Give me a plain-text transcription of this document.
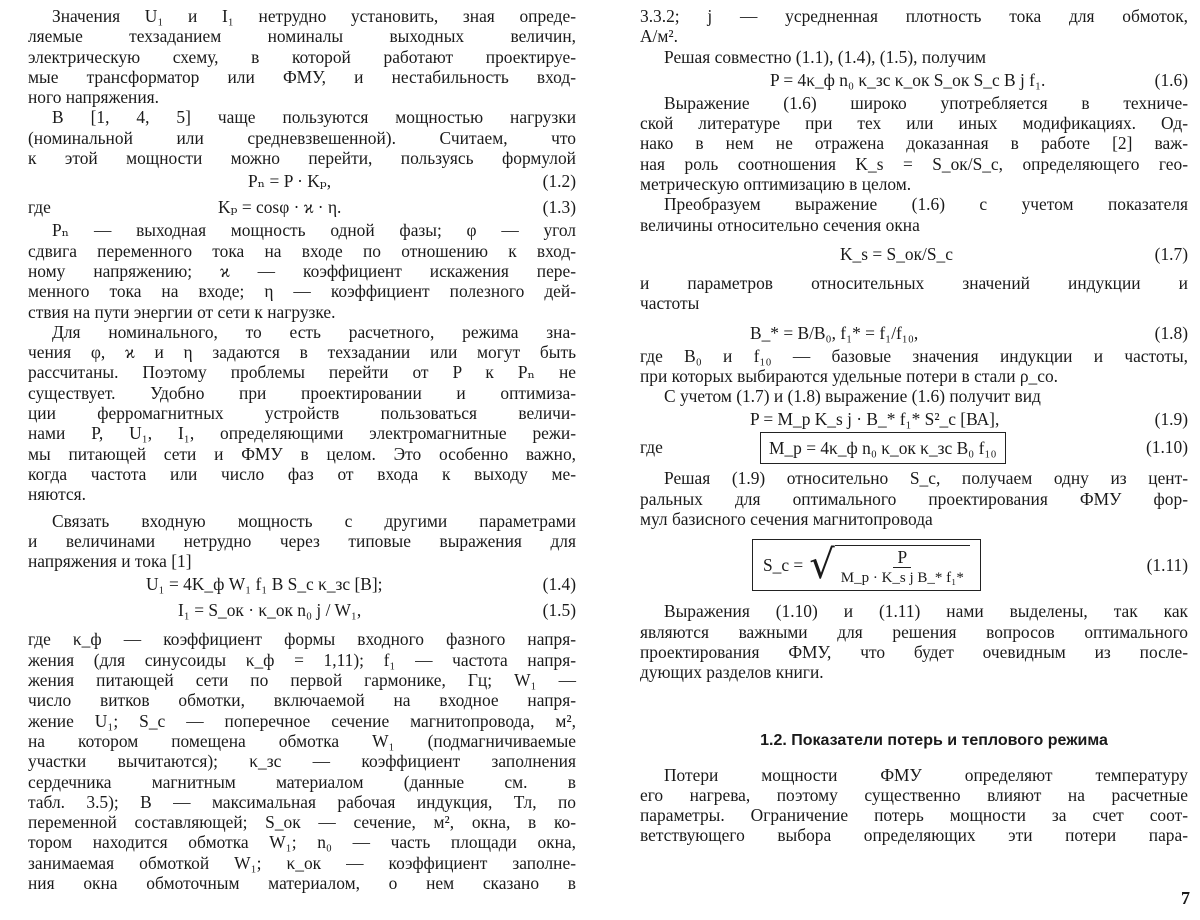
Значения U₁ и I₁ нетрудно установить, зная опреде-
ляемые техзаданием номиналы выходных величин,
электрическую схему, в которой работают проектируе-
мые трансформатор или ФМУ, и нестабильность вход-
ного напряжения.
В [1, 4, 5] чаще пользуются мощностью нагрузки
(номинальной или средневзвешенной). Считаем, что
к этой мощности можно перейти, пользуясь формулой
Pₙ = P · Kₚ,	(1.2)
где	Kₚ = cosφ · ϰ · η.	(1.3)
Pₙ — выходная мощность одной фазы; φ — угол
сдвига переменного тока на входе по отношению к вход-
ному напряжению; ϰ — коэффициент искажения пере-
менного тока на входе; η — коэффициент полезного дей-
ствия на пути энергии от сети к нагрузке.
Для номинального, то есть расчетного, режима зна-
чения φ, ϰ и η задаются в техзадании или могут быть
рассчитаны. Поэтому проблемы перейти от P к Pₙ не
существует. Удобно при проектировании и оптимиза-
ции ферромагнитных устройств пользоваться величи-
нами P, U₁, I₁, определяющими электромагнитные режи-
мы питающей сети и ФМУ в целом. Это особенно важно,
когда частота или число фаз от входа к выходу ме-
няются.
Связать входную мощность с другими параметрами
и величинами нетрудно через типовые выражения для
напряжения и тока [1]
U₁ = 4K_ф W₁ f₁ B S_c κ_зс [В];	(1.4)
I₁ = S_ок · κ_ок n₀ j / W₁,	(1.5)
где κ_ф — коэффициент формы входного фазного напря-
жения (для синусоиды κ_ф = 1,11); f₁ — частота напря-
жения питающей сети по первой гармонике, Гц; W₁ —
число витков обмотки, включаемой на входное напря-
жение U₁; S_c — поперечное сечение магнитопровода, м²,
на котором помещена обмотка W₁ (подмагничиваемые
участки вычитаются); κ_зс — коэффициент заполнения
сердечника магнитным материалом (данные см. в
табл. 3.5); B — максимальная рабочая индукция, Тл, по
переменной составляющей; S_ок — сечение, м², окна, в ко-
тором находится обмотка W₁; n₀ — часть площади окна,
занимаемая обмоткой W₁; κ_ок — коэффициент заполне-
ния окна обмоточным материалом, о нем сказано в
3.3.2; j — усредненная плотность тока для обмоток,
А/м².
Решая совместно (1.1), (1.4), (1.5), получим
P = 4κ_ф n₀ κ_зс κ_ок S_ок S_c B j f₁.	(1.6)
Выражение (1.6) широко употребляется в техниче-
ской литературе при тех или иных модификациях. Од-
нако в нем не отражена доказанная в работе [2] важ-
ная роль соотношения K_s = S_ок/S_c, определяющего гео-
метрическую оптимизацию в целом.
Преобразуем выражение (1.6) с учетом показателя
величины относительно сечения окна
K_s = S_ок/S_c	(1.7)
и параметров относительных значений индукции и
частоты
B_* = B/B₀, f₁* = f₁/f₁₀,	(1.8)
где B₀ и f₁₀ — базовые значения индукции и частоты,
при которых выбираются удельные потери в стали ρ_со.
С учетом (1.7) и (1.8) выражение (1.6) получит вид
P = M_p K_s j · B_* f₁* S²_c [ВА],	(1.9)
где	M_p = 4κ_ф n₀ κ_ок κ_зс B₀ f₁₀	(1.10)
Решая (1.9) относительно S_c, получаем одну из цент-
ральных для оптимального проектирования ФМУ фор-
мул базисного сечения магнитопровода
S_c = √	P
M_p · K_s j B_* f₁*
(1.11)
Выражения (1.10) и (1.11) нами выделены, так как
являются важными для решения вопросов оптимального
проектирования ФМУ, что будет очевидным из после-
дующих разделов книги.
1.2. Показатели потерь и теплового режима
Потери мощности ФМУ определяют температуру
его нагрева, поэтому существенно влияют на расчетные
параметры. Ограничение потерь мощности за счет соот-
ветствующего выбора определяющих эти потери пара-
7
